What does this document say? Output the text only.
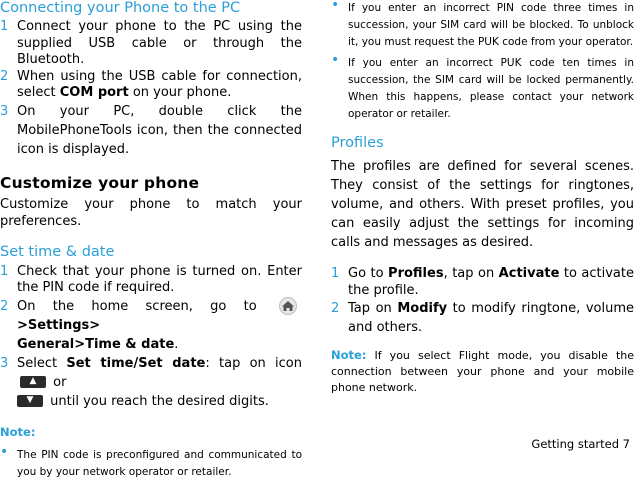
Connecting your Phone to the PC
1 Connect your phone to the PC using the supplied USB cable or through the Bluetooth.
2 When using the USB cable for connection, select COM port on your phone.
3 On your PC, double click the MobilePhoneTools icon, then the connected icon is displayed.
Customize your phone

Customize your phone to match your preferences.

Set time & date
1 Check that your phone is turned on. Enter the PIN code if required.
2 On the home screen, go to >Settings>
General>Time & date.
3 Select Set time/Set date: tap on icon
▲	or

▼	until you reach the desired digits.
Note:
• The PIN code is preconfigured and communicated to you by your network operator or retailer.
• If you enter an incorrect PIN code three times in succession, your SIM card will be blocked. To unblock it, you must request the PUK code from your operator.
• If you enter an incorrect PUK code ten times in succession, the SIM card will be locked permanently. When this happens, please contact your network operator or retailer.
Profiles

The profiles are defined for several scenes. They consist of the settings for ringtones, volume, and others. With preset profiles, you can easily adjust the settings for incoming calls and messages as desired.

1 Go to Profiles, tap on Activate to activate the profile.
2 Tap on Modify to modify ringtone, volume and others.
Note: If you select Flight mode, you disable the connection between your phone and your mobile phone network.
Getting started 7
